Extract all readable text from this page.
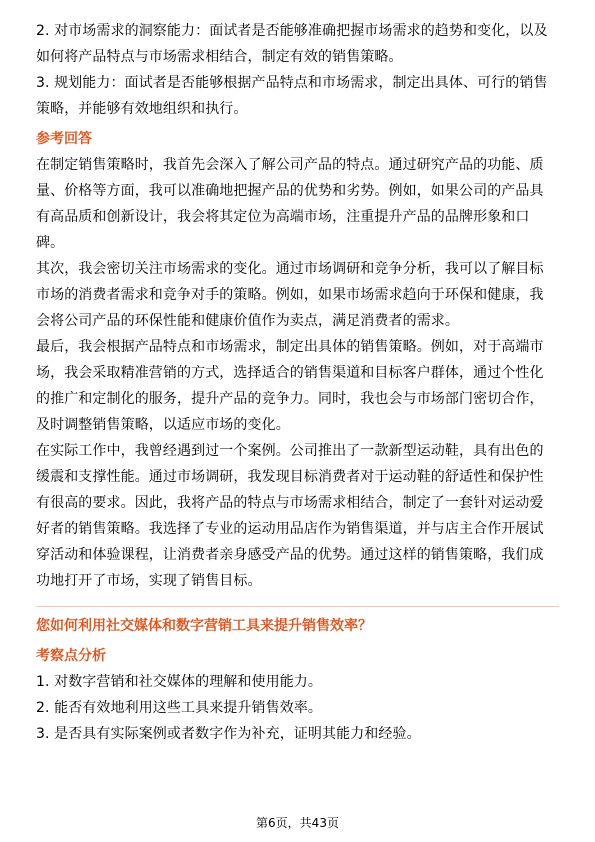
2. 对市场需求的洞察能力：面试者是否能够准确把握市场需求的趋势和变化，以及
如何将产品特点与市场需求相结合，制定有效的销售策略。

3. 规划能力：面试者是否能够根据产品特点和市场需求，制定出具体、可行的销售
策略，并能够有效地组织和执行。

参考回答

在制定销售策略时，我首先会深入了解公司产品的特点。通过研究产品的功能、质
量、价格等方面，我可以准确地把握产品的优势和劣势。例如，如果公司的产品具
有高品质和创新设计，我会将其定位为高端市场，注重提升产品的品牌形象和口
碑。

其次，我会密切关注市场需求的变化。通过市场调研和竞争分析，我可以了解目标
市场的消费者需求和竞争对手的策略。例如，如果市场需求趋向于环保和健康，我
会将公司产品的环保性能和健康价值作为卖点，满足消费者的需求。

最后，我会根据产品特点和市场需求，制定出具体的销售策略。例如，对于高端市
场，我会采取精准营销的方式，选择适合的销售渠道和目标客户群体，通过个性化
的推广和定制化的服务，提升产品的竞争力。同时，我也会与市场部门密切合作，
及时调整销售策略，以适应市场的变化。

在实际工作中，我曾经遇到过一个案例。公司推出了一款新型运动鞋，具有出色的
缓震和支撑性能。通过市场调研，我发现目标消费者对于运动鞋的舒适性和保护性
有很高的要求。因此，我将产品的特点与市场需求相结合，制定了一套针对运动爱
好者的销售策略。我选择了专业的运动用品店作为销售渠道，并与店主合作开展试
穿活动和体验课程，让消费者亲身感受产品的优势。通过这样的销售策略，我们成
功地打开了市场，实现了销售目标。

您如何利用社交媒体和数字营销工具来提升销售效率？

考察点分析

1. 对数字营销和社交媒体的理解和使用能力。

2. 能否有效地利用这些工具来提升销售效率。

3. 是否具有实际案例或者数字作为补充，证明其能力和经验。

第6页，共43页
